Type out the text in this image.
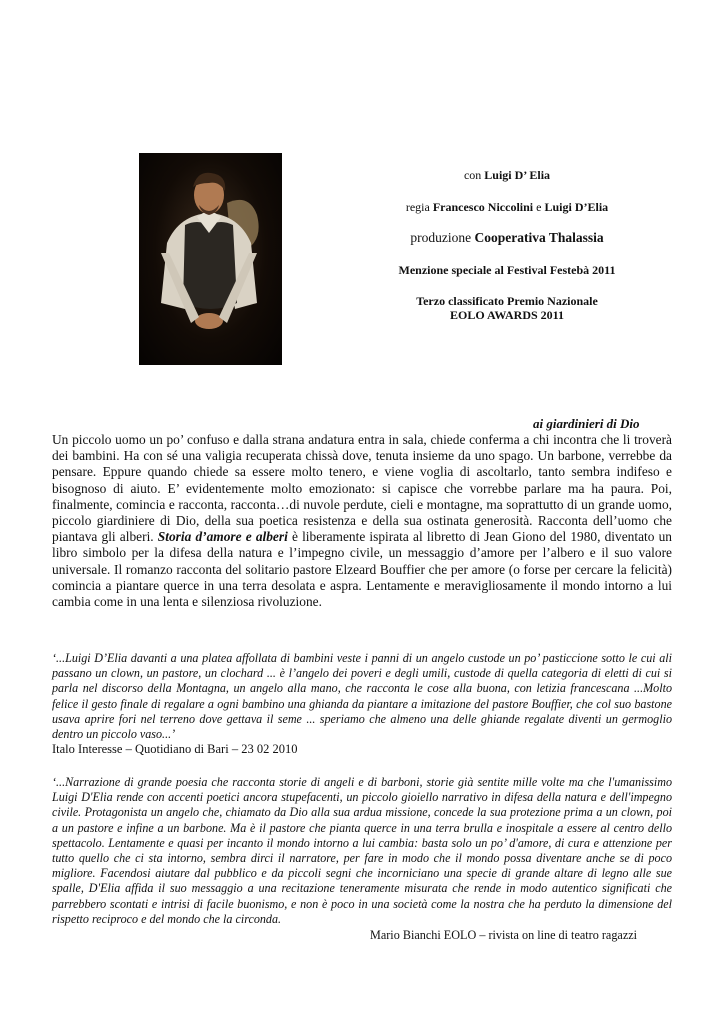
con Luigi D’ Elia
regia Francesco Niccolini e Luigi D’Elia
produzione Cooperativa Thalassia
Menzione speciale al Festival Festebà 2011
Terzo classificato Premio Nazionale
EOLO AWARDS 2011
ai giardinieri di Dio
Un piccolo uomo un po’ confuso e dalla strana andatura entra in sala, chiede conferma a chi incontra che li troverà dei bambini. Ha con sé una valigia recuperata chissà dove, tenuta insieme da uno spago. Un barbone, verrebbe da pensare. Eppure quando chiede sa essere molto tenero, e viene voglia di ascoltarlo, tanto sembra indifeso e bisognoso di aiuto. E’ evidentemente molto emozionato: si capisce che vorrebbe parlare ma ha paura. Poi, finalmente, comincia e racconta, racconta…di nuvole perdute, cieli e montagne, ma soprattutto di un grande uomo, piccolo giardiniere di Dio, della sua poetica resistenza e della sua ostinata generosità. Racconta dell’uomo che piantava gli alberi. Storia d’amore e alberi è liberamente ispirata al libretto di Jean Giono del 1980, diventato un libro simbolo per la difesa della natura e l’impegno civile, un messaggio d’amore per l’albero e il suo valore universale. Il romanzo racconta del solitario pastore Elzeard Bouffier che per amore (o forse per cercare la felicità) comincia a piantare querce in una terra desolata e aspra. Lentamente e meravigliosamente il mondo intorno a lui cambia come in una lenta e silenziosa rivoluzione.
‘...Luigi D’Elia davanti a una platea affollata di bambini veste i panni di un angelo custode un po’ pasticcione sotto le cui ali passano un clown, un pastore, un clochard ... è l’angelo dei poveri e degli umili, custode di quella categoria di eletti di cui si parla nel discorso della Montagna, un angelo alla mano, che racconta le cose alla buona, con letizia francescana ...Molto felice il gesto finale di regalare a ogni bambino una ghianda da piantare a imitazione del pastore Bouffier, che col suo bastone usava aprire fori nel terreno dove gettava il seme ... speriamo che almeno una delle ghiande regalate diventi un germoglio dentro un piccolo vaso...’
Italo Interesse – Quotidiano di Bari – 23 02 2010
‘...Narrazione di grande poesia che racconta storie di angeli e di barboni, storie già sentite mille volte ma che l'umanissimo Luigi D'Elia rende con accenti poetici ancora stupefacenti, un piccolo gioiello narrativo in difesa della natura e dell'impegno civile. Protagonista un angelo che, chiamato da Dio alla sua ardua missione, concede la sua protezione prima a un clown, poi a un pastore e infine a un barbone. Ma è il pastore che pianta querce in una terra brulla e inospitale a essere al centro dello spettacolo. Lentamente e quasi per incanto il mondo intorno a lui cambia: basta solo un po’ d'amore, di cura e attenzione per tutto quello che ci sta intorno, sembra dirci il narratore, per fare in modo che il mondo possa diventare anche se di poco migliore. Facendosi aiutare dal pubblico e da piccoli segni che incorniciano una specie di grande altare di legno alle sue spalle, D'Elia affida il suo messaggio a una recitazione teneramente misurata che rende in modo autentico significati che parrebbero scontati e intrisi di facile buonismo, e non è poco in una società come la nostra che ha perduto la dimensione del rispetto reciproco e del mondo che la circonda.
Mario Bianchi EOLO – rivista on line di teatro ragazzi
